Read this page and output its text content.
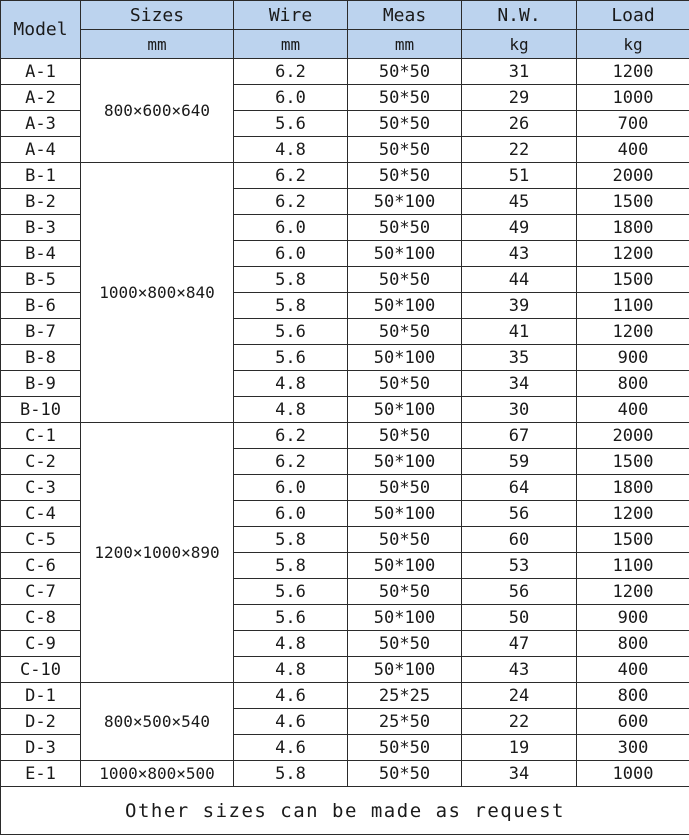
Model	Sizes	Wire	Meas	N.W.	Load
	mm	mm	mm	kg	kg
A-1	800×600×640	6.2	50*50	31	1200
A-2		6.0	50*50	29	1000
A-3		5.6	50*50	26	700
A-4		4.8	50*50	22	400
B-1	1000×800×840	6.2	50*50	51	2000
B-2		6.2	50*100	45	1500
B-3		6.0	50*50	49	1800
B-4		6.0	50*100	43	1200
B-5		5.8	50*50	44	1500
B-6		5.8	50*100	39	1100
B-7		5.6	50*50	41	1200
B-8		5.6	50*100	35	900
B-9		4.8	50*50	34	800
B-10		4.8	50*100	30	400
C-1	1200×1000×890	6.2	50*50	67	2000
C-2		6.2	50*100	59	1500
C-3		6.0	50*50	64	1800
C-4		6.0	50*100	56	1200
C-5		5.8	50*50	60	1500
C-6		5.8	50*100	53	1100
C-7		5.6	50*50	56	1200
C-8		5.6	50*100	50	900
C-9		4.8	50*50	47	800
C-10		4.8	50*100	43	400
D-1	800×500×540	4.6	25*25	24	800
D-2		4.6	25*50	22	600
D-3		4.6	50*50	19	300
E-1	1000×800×500	5.8	50*50	34	1000
Other sizes can be made as request					
